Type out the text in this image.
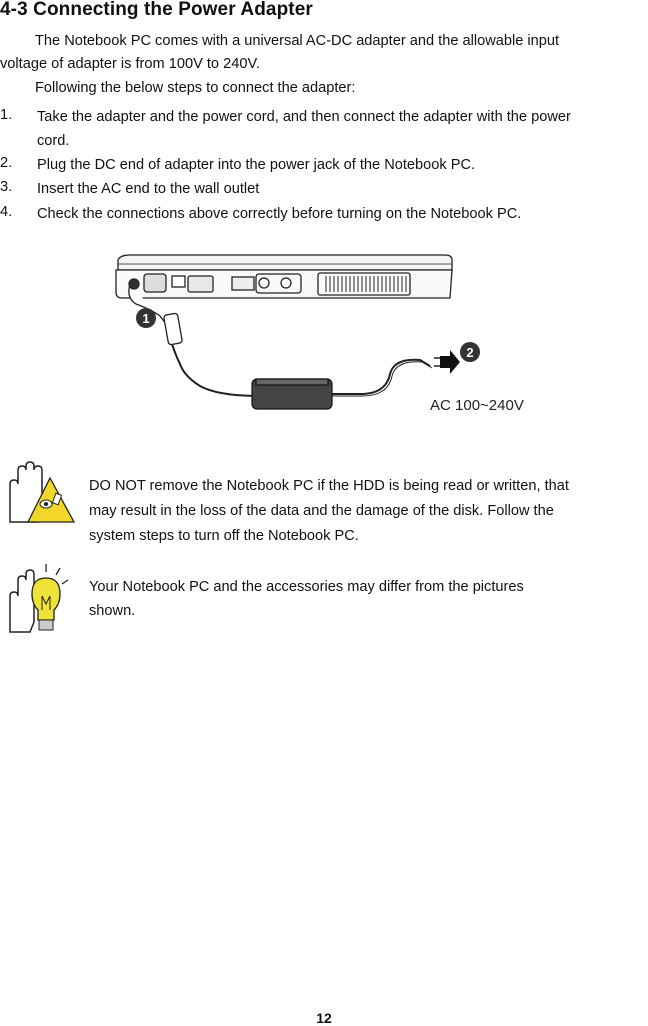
4-3 Connecting the Power Adapter
The Notebook PC comes with a universal AC-DC adapter and the allowable input
voltage of adapter is from 100V to 240V.
Following the below steps to connect the adapter:
1. Take the adapter and the power cord, and then connect the adapter with the power
cord.
2. Plug the DC end of adapter into the power jack of the Notebook PC.
3. Insert the AC end to the wall outlet
4. Check the connections above correctly before turning on the Notebook PC.
1
2
AC 100~240V
DO NOT remove the Notebook PC if the HDD is being read or written, that
may result in the loss of the data and the damage of the disk. Follow the
system steps to turn off the Notebook PC.
Your Notebook PC and the accessories may differ from the pictures
shown.
12
